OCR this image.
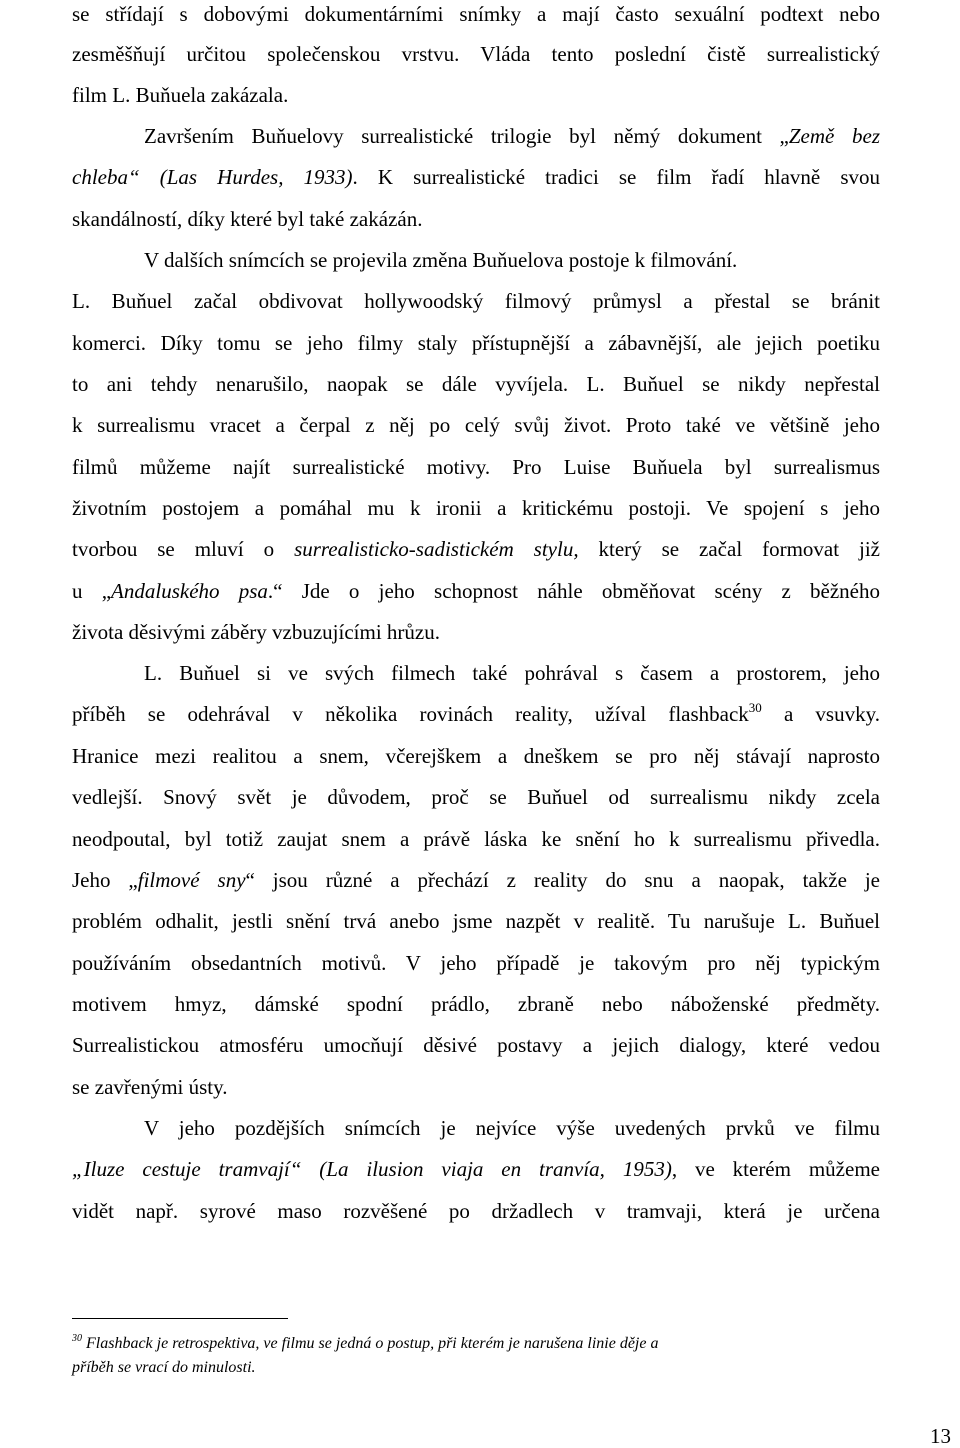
se střídají s dobovými dokumentárními snímky a mají často sexuální podtext nebo
zesměšňují určitou společenskou vrstvu. Vláda tento poslední čistě surrealistický
film L. Buňuela zakázala.
Završením Buňuelovy surrealistické trilogie byl němý dokument „Země bez
chleba“ (Las Hurdes, 1933). K surrealistické tradici se film řadí hlavně svou
skandálností, díky které byl také zakázán.
V dalších snímcích se projevila změna Buňuelova postoje k filmování.
L. Buňuel začal obdivovat hollywoodský filmový průmysl a přestal se bránit
komerci. Díky tomu se jeho filmy staly přístupnější a zábavnější, ale jejich poetiku
to ani tehdy nenarušilo, naopak se dále vyvíjela. L. Buňuel se nikdy nepřestal
k surrealismu vracet a čerpal z něj po celý svůj život. Proto také ve většině jeho
filmů můžeme najít surrealistické motivy. Pro Luise Buňuela byl surrealismus
životním postojem a pomáhal mu k ironii a kritickému postoji. Ve spojení s jeho
tvorbou se mluví o surrealisticko-sadistickém stylu, který se začal formovat již
u „Andaluského psa.“ Jde o jeho schopnost náhle obměňovat scény z běžného
života děsivými záběry vzbuzujícími hrůzu.
L. Buňuel si ve svých filmech také pohrával s časem a prostorem, jeho
příběh se odehrával v několika rovinách reality, užíval flashback$^{30}$ a vsuvky.
Hranice mezi realitou a snem, včerejškem a dneškem se pro něj stávají naprosto
vedlejší. Snový svět je důvodem, proč se Buňuel od surrealismu nikdy zcela
neodpoutal, byl totiž zaujat snem a právě láska ke snění ho k surrealismu přivedla.
Jeho „filmové sny“ jsou různé a přechází z reality do snu a naopak, takže je
problém odhalit, jestli snění trvá anebo jsme nazpět v realitě. Tu narušuje L. Buňuel
používáním obsedantních motivů. V jeho případě je takovým pro něj typickým
motivem hmyz, dámské spodní prádlo, zbraně nebo náboženské předměty.
Surrealistickou atmosféru umocňují děsivé postavy a jejich dialogy, které vedou
se zavřenými ústy.
V jeho pozdějších snímcích je nejvíce výše uvedených prvků ve filmu
„Iluze cestuje tramvají“ (La ilusion viaja en tranvía, 1953), ve kterém můžeme
vidět např. syrové maso rozvěšené po držadlech v tramvaji, která je určena
$^{30}$ Flashback je retrospektiva, ve filmu se jedná o postup, při kterém je narušena linie děje a
příběh se vrací do minulosti.
13
